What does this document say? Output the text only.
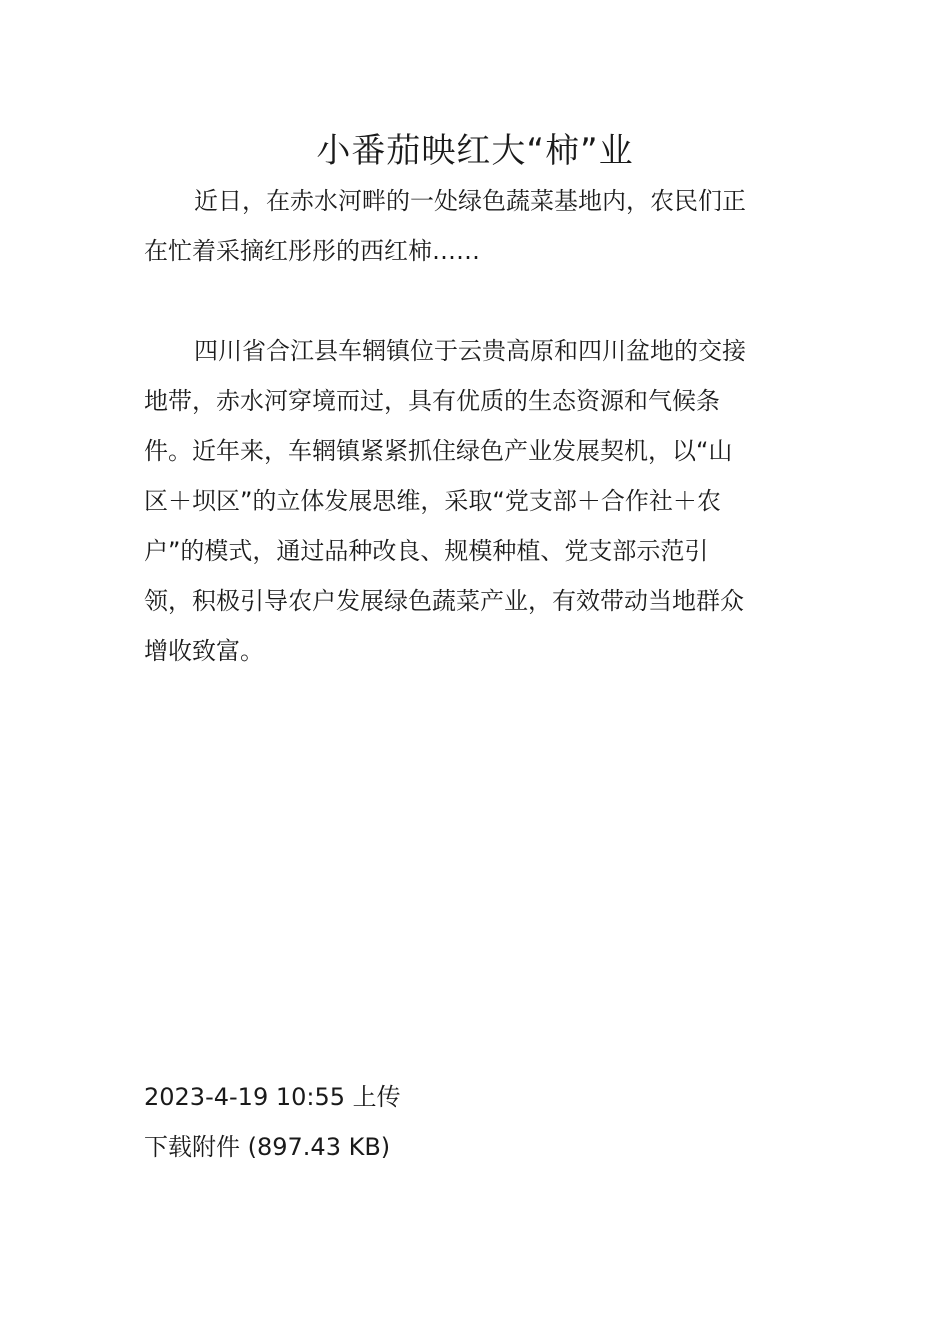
小番茄映红大“柿”业

近日，在赤水河畔的一处绿色蔬菜基地内，农民们正
在忙着采摘红彤彤的西红柿……

四川省合江县车辋镇位于云贵高原和四川盆地的交接
地带，赤水河穿境而过，具有优质的生态资源和气候条
件。近年来，车辋镇紧紧抓住绿色产业发展契机，以“山
区＋坝区”的立体发展思维，采取“党支部＋合作社＋农
户”的模式，通过品种改良、规模种植、党支部示范引
领，积极引导农户发展绿色蔬菜产业，有效带动当地群众
增收致富。

2023-4-19 10:55 上传

下载附件 (897.43 KB)
